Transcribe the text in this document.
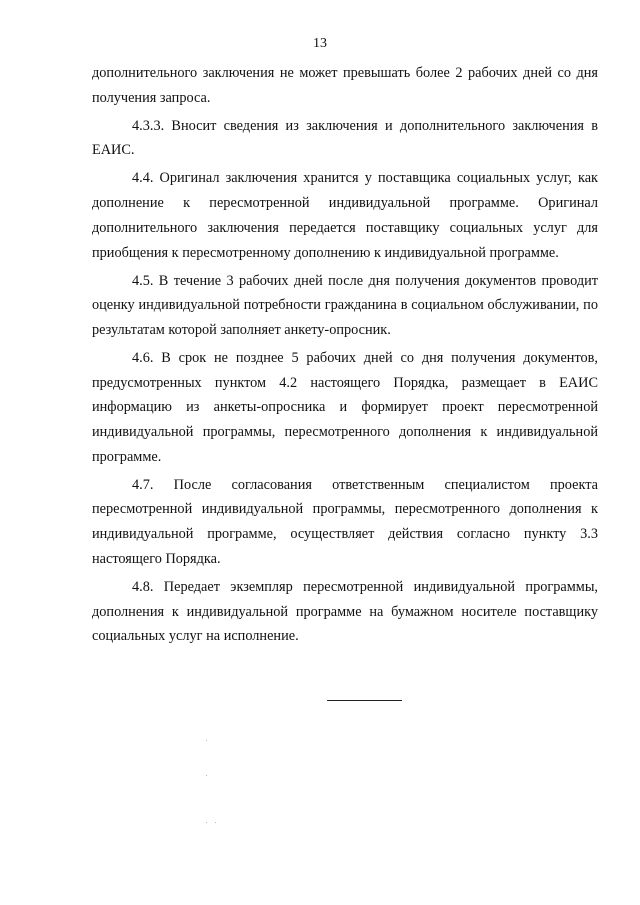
13

дополнительного заключения не может превышать более 2 рабочих дней со дня получения запроса.

4.3.3. Вносит сведения из заключения и дополнительного заключения в ЕАИС.

4.4. Оригинал заключения хранится у поставщика социальных услуг, как дополнение к пересмотренной индивидуальной программе. Оригинал дополнительного заключения передается поставщику социальных услуг для приобщения к пересмотренному дополнению к индивидуальной программе.

4.5. В течение 3 рабочих дней после дня получения документов проводит оценку индивидуальной потребности гражданина в социальном обслуживании, по результатам которой заполняет анкету-опросник.

4.6. В срок не позднее 5 рабочих дней со дня получения документов, предусмотренных пунктом 4.2 настоящего Порядка, размещает в ЕАИС информацию из анкеты-опросника и формирует проект пересмотренной индивидуальной программы, пересмотренного дополнения к индивидуальной программе.

4.7. После согласования ответственным специалистом проекта пересмотренной индивидуальной программы, пересмотренного дополнения к индивидуальной программе, осуществляет действия согласно пункту 3.3 настоящего Порядка.

4.8. Передает экземпляр пересмотренной индивидуальной программы, дополнения к индивидуальной программе на бумажном носителе поставщику социальных услуг на исполнение.
